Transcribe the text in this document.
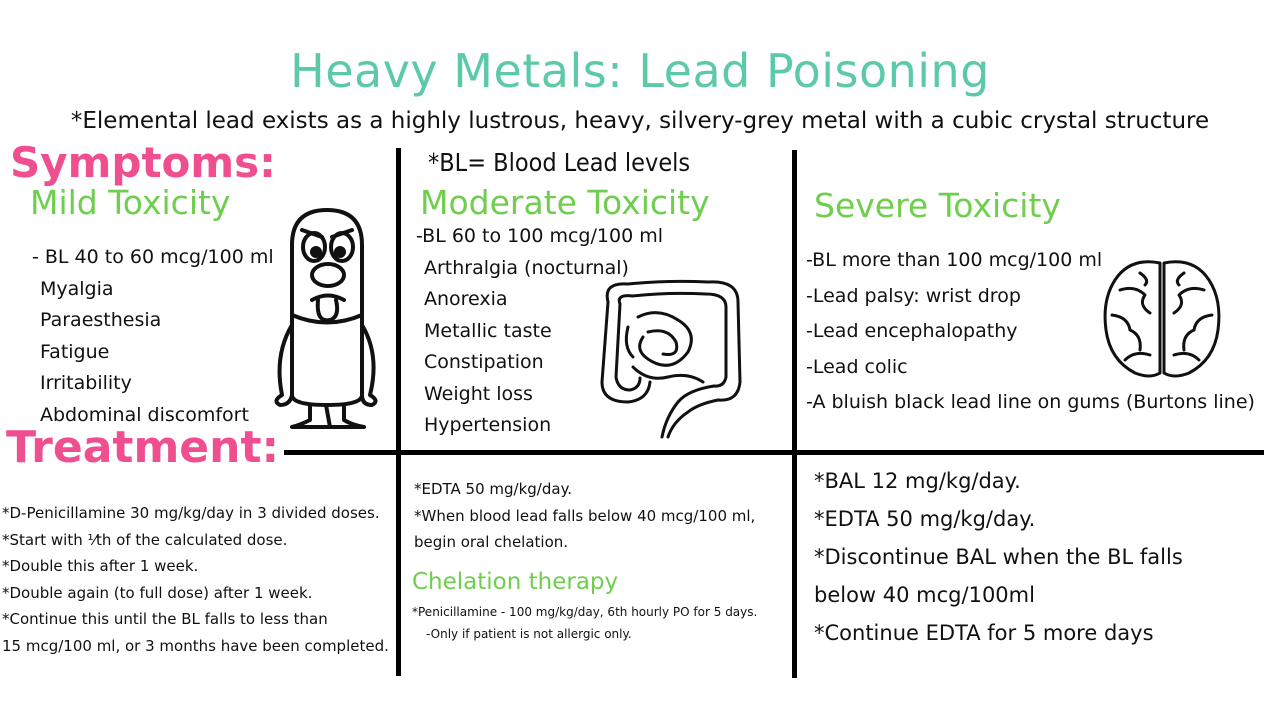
Heavy Metals: Lead Poisoning
*Elemental lead exists as a highly lustrous, heavy, silvery-grey metal with a cubic crystal structure
Symptoms:	*BL= Blood Lead levels
Mild Toxicity
- BL 40 to 60 mcg/100 ml
Myalgia
Paraesthesia
Fatigue
Irritability
Abdominal discomfort
Moderate Toxicity
-BL 60 to 100 mcg/100 ml
Arthralgia (nocturnal)
Anorexia
Metallic taste
Constipation
Weight loss
Hypertension
Severe Toxicity
-BL more than 100 mcg/100 ml
-Lead palsy: wrist drop
-Lead encephalopathy
-Lead colic
-A bluish black lead line on gums (Burtons line)
Treatment:
*D-Penicillamine 30 mg/kg/day in 3 divided doses.
*Start with ⅟th of the calculated dose.
*Double this after 1 week.
*Double again (to full dose) after 1 week.
*Continue this until the BL falls to less than
15 mcg/100 ml, or 3 months have been completed.
*EDTA 50 mg/kg/day.
*When blood lead falls below 40 mcg/100 ml,
begin oral chelation.
Chelation therapy
*Penicillamine - 100 mg/kg/day, 6th hourly PO for 5 days.
-Only if patient is not allergic only.
*BAL 12 mg/kg/day.
*EDTA 50 mg/kg/day.
*Discontinue BAL when the BL falls
below 40 mcg/100ml
*Continue EDTA for 5 more days
